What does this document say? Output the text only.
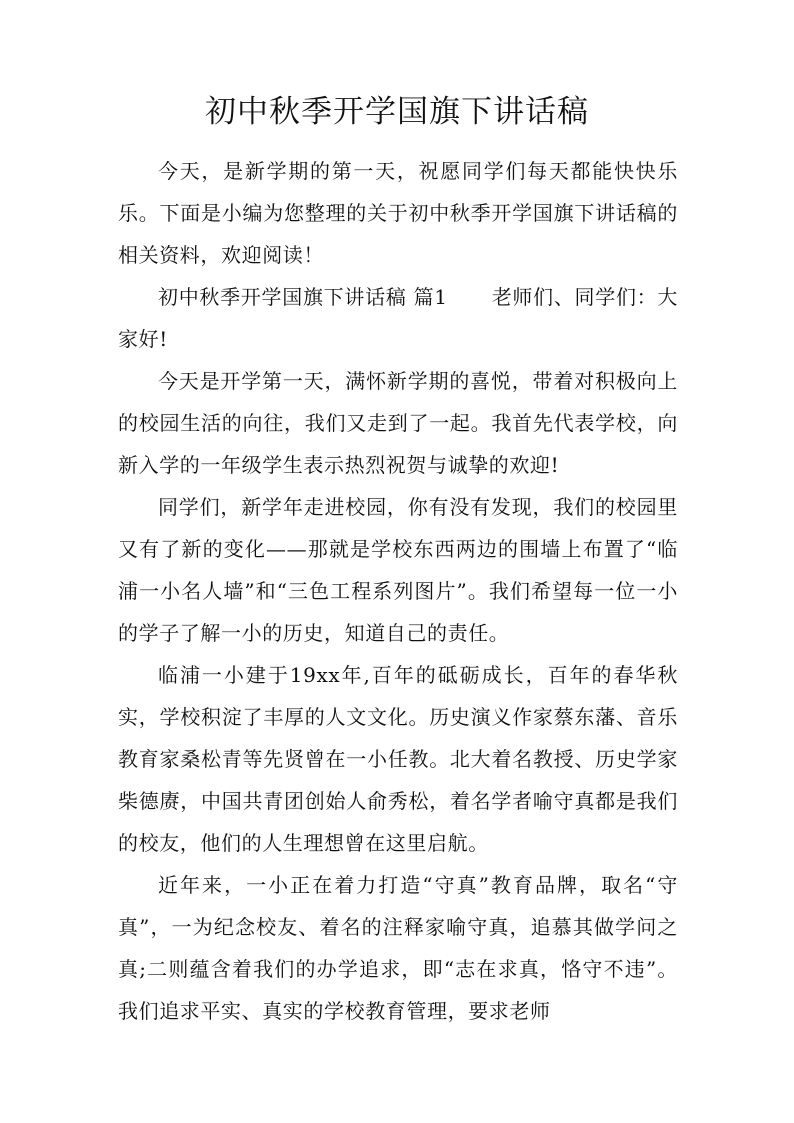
初中秋季开学国旗下讲话稿

今天，是新学期的第一天，祝愿同学们每天都能快快乐乐。下面是小编为您整理的关于初中秋季开学国旗下讲话稿的相关资料，欢迎阅读！

初中秋季开学国旗下讲话稿 篇1 老师们、同学们：大家好!

今天是开学第一天，满怀新学期的喜悦，带着对积极向上的校园生活的向往，我们又走到了一起。我首先代表学校，向新入学的一年级学生表示热烈祝贺与诚挚的欢迎!

同学们，新学年走进校园，你有没有发现，我们的校园里又有了新的变化——那就是学校东西两边的围墙上布置了“临浦一小名人墙”和“三色工程系列图片”。我们希望每一位一小的学子了解一小的历史，知道自己的责任。

临浦一小建于19xx年,百年的砥砺成长，百年的春华秋实，学校积淀了丰厚的人文文化。历史演义作家蔡东藩、音乐教育家桑松青等先贤曾在一小任教。北大着名教授、历史学家柴德赓，中国共青团创始人俞秀松，着名学者喻守真都是我们的校友，他们的人生理想曾在这里启航。

近年来，一小正在着力打造“守真”教育品牌，取名“守真”，一为纪念校友、着名的注释家喻守真，追慕其做学问之真;二则蕴含着我们的办学追求，即“志在求真，恪守不违”。我们追求平实、真实的学校教育管理，要求老师
